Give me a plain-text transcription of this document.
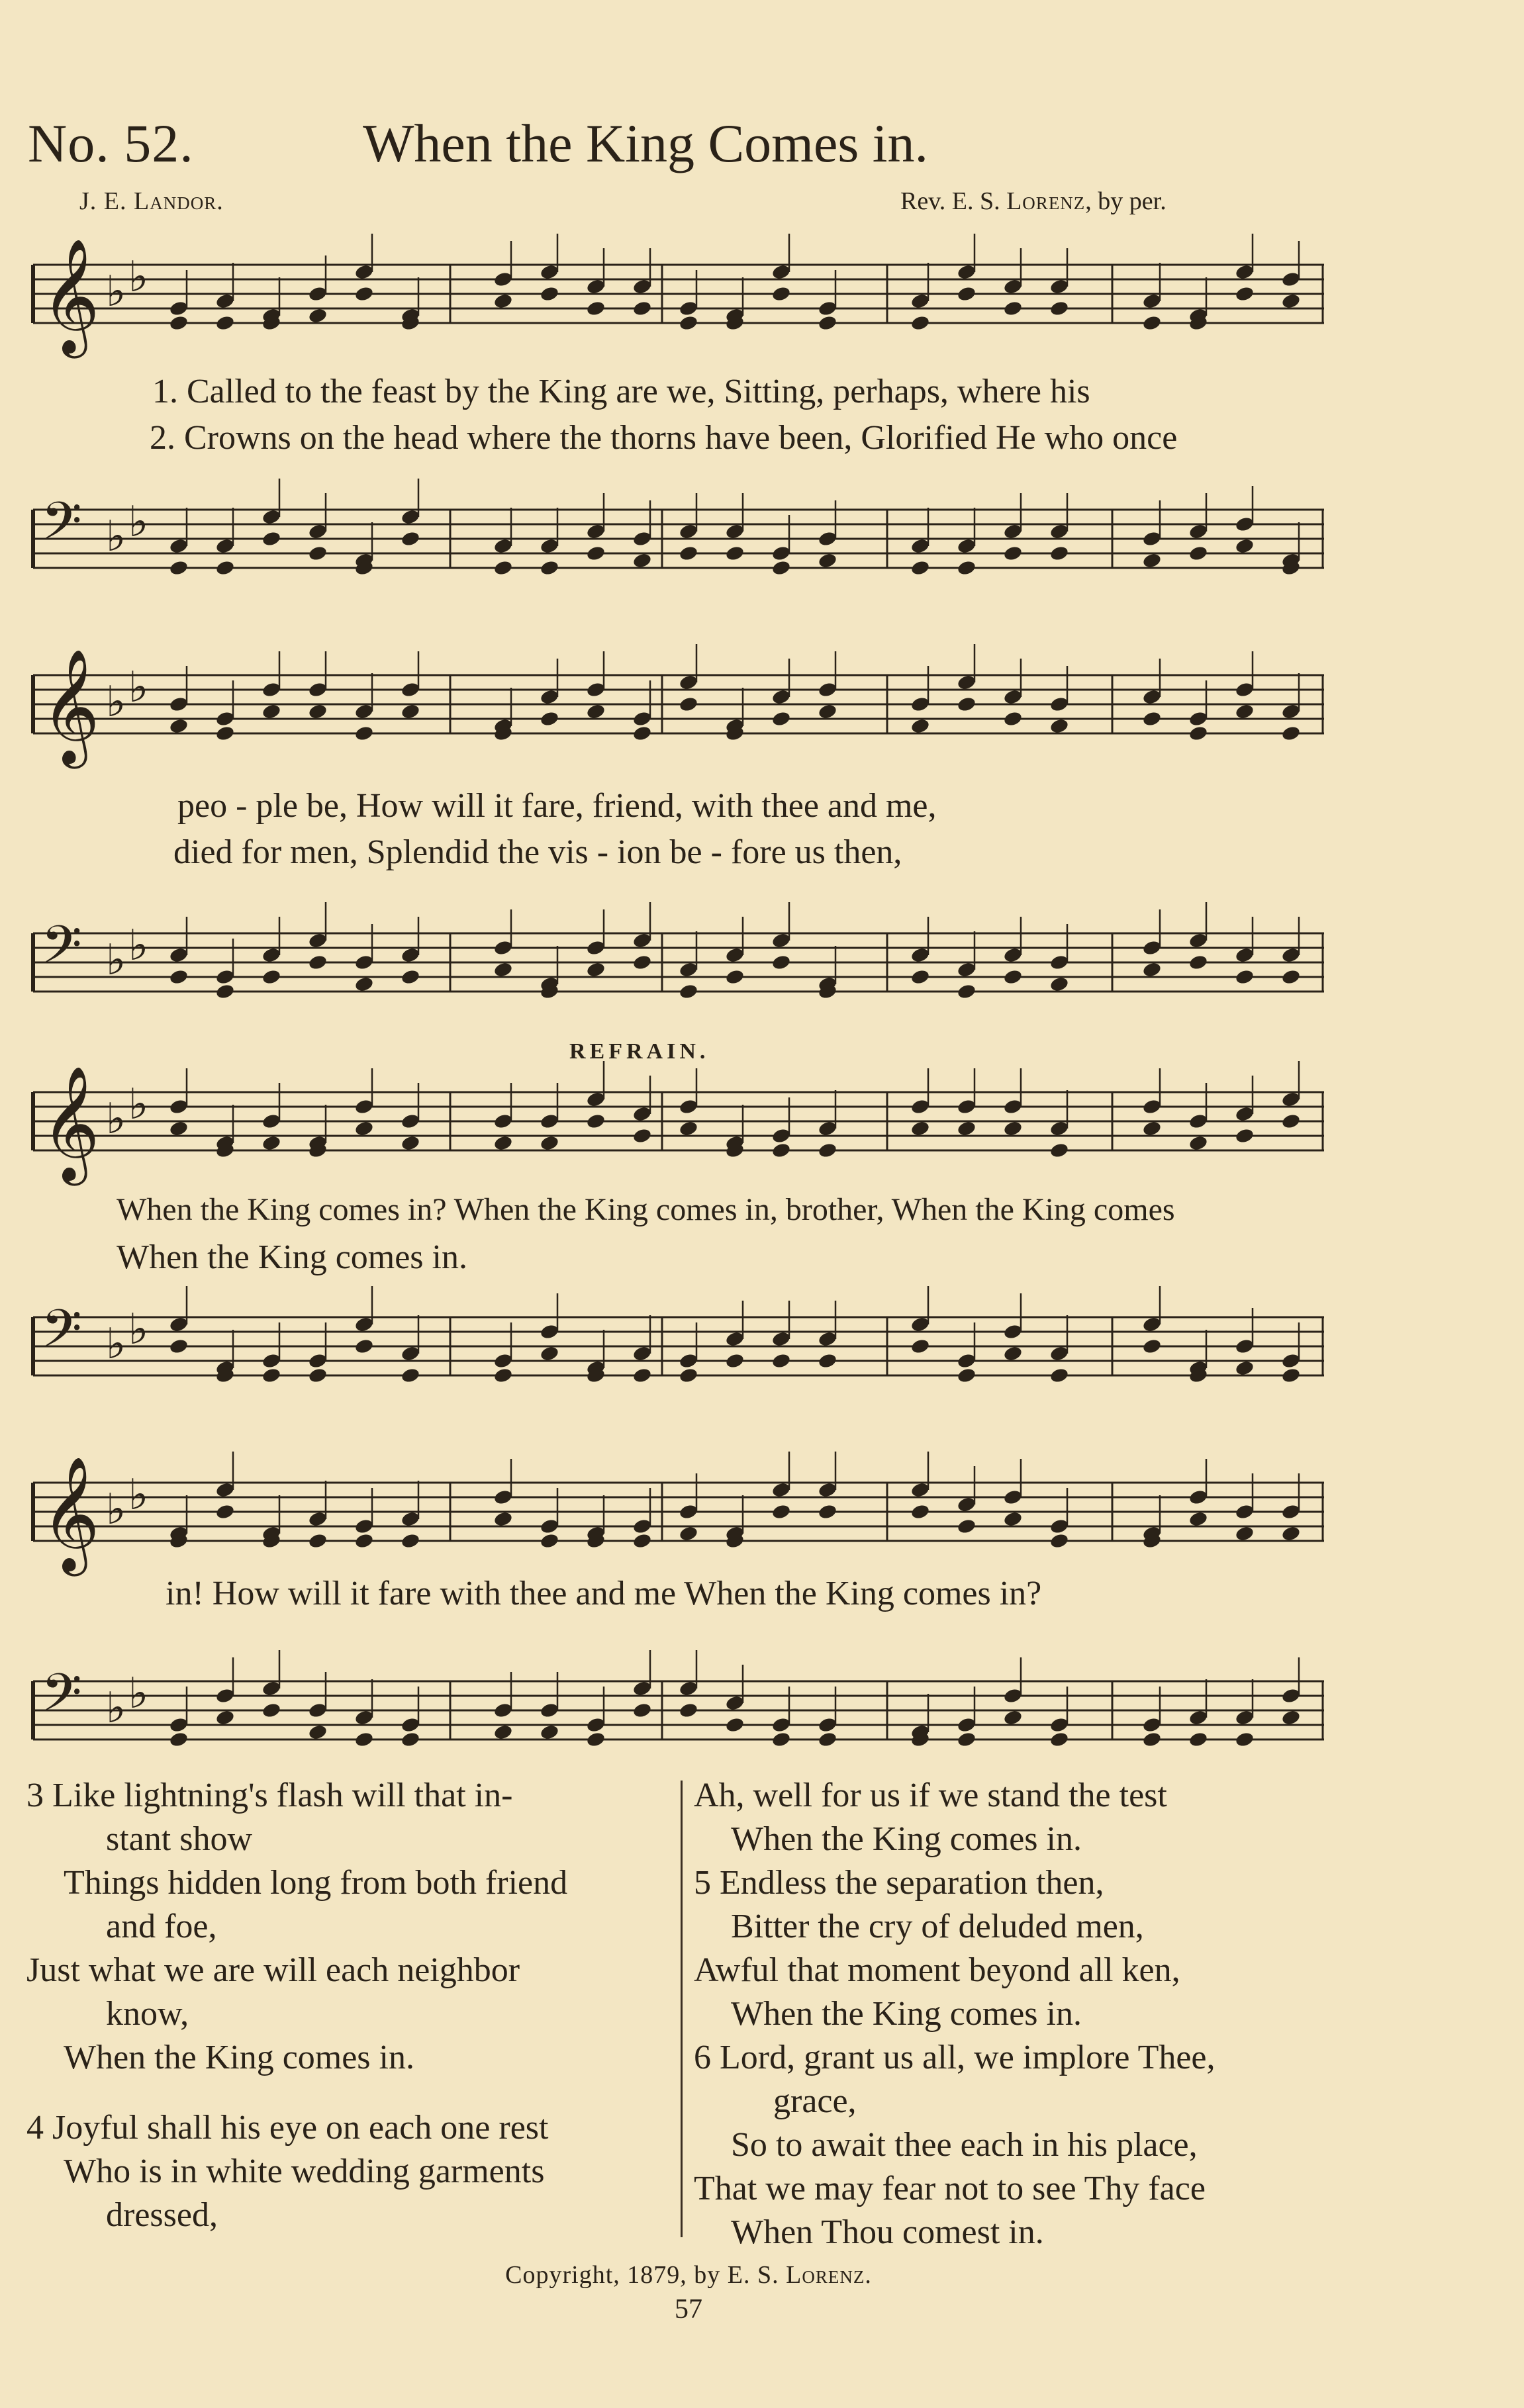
No. 52.	When the King Comes in.
J. E. Landor.	Rev. E. S. Lorenz, by per.
𝄞 ♭ ♭
1. Called to the feast by the King are we, Sitting, perhaps, where his
2. Crowns on the head where the thorns have been, Glorified He who once
𝄢 ♭ ♭
𝄞 ♭ ♭
peo - ple be, How will it fare, friend, with thee and me,
died for men, Splendid the vis - ion be - fore us then,
𝄢 ♭ ♭
REFRAIN.
𝄞 ♭ ♭
When the King comes in? When the King comes in, brother, When the King comes
When the King comes in.
𝄢 ♭ ♭
𝄞 ♭ ♭
in! How will it fare with thee and me When the King comes in?
𝄢 ♭ ♭
3 Like lightning's flash will that in-
stant show
Things hidden long from both friend
and foe,
Just what we are will each neighbor
know,
When the King comes in.
4 Joyful shall his eye on each one rest
Who is in white wedding garments
dressed,
Ah, well for us if we stand the test
When the King comes in.
5 Endless the separation then,
Bitter the cry of deluded men,
Awful that moment beyond all ken,
When the King comes in.
6 Lord, grant us all, we implore Thee,
grace,
So to await thee each in his place,
That we may fear not to see Thy face
When Thou comest in.
Copyright, 1879, by E. S. Lorenz.
57
